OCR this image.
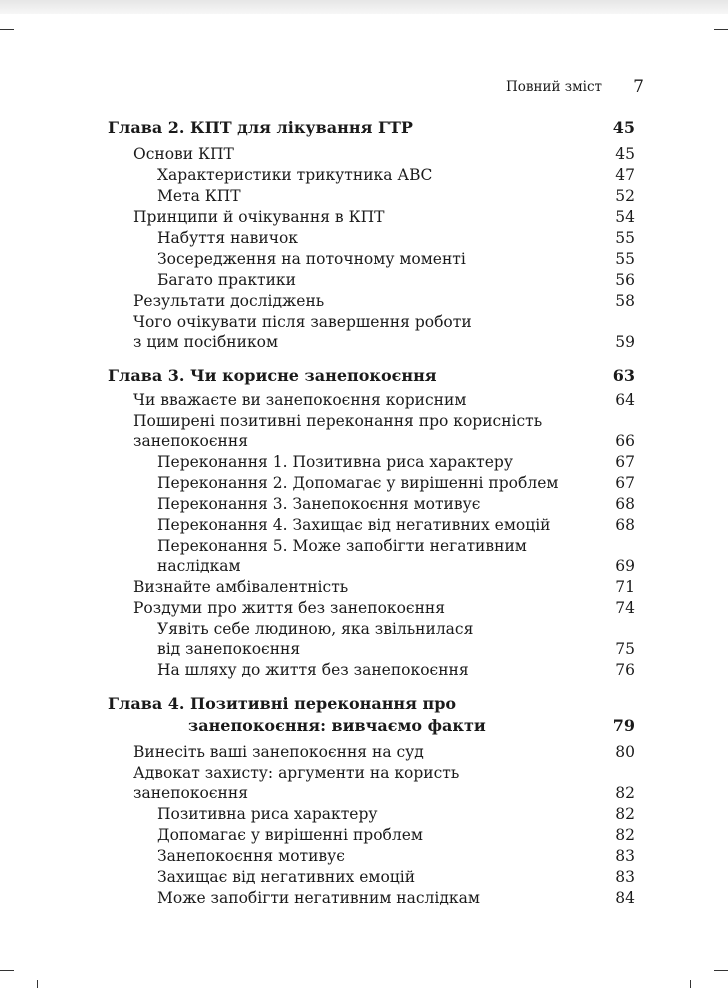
Повний зміст 7
Глава 2. КПТ для лікування ГТР	45
Основи КПТ	45
Характеристики трикутника АВС	47
Мета КПТ	52
Принципи й очікування в КПТ	54
Набуття навичок	55
Зосередження на поточному моменті	55
Багато практики	56
Результати досліджень	58
Чого очікувати після завершення роботи
з цим посібником	59
Глава 3. Чи корисне занепокоєння	63
Чи вважаєте ви занепокоєння корисним	64
Поширені позитивні переконання про корисність
занепокоєння	66
Переконання 1. Позитивна риса характеру	67
Переконання 2. Допомагає у вирішенні проблем	67
Переконання 3. Занепокоєння мотивує	68
Переконання 4. Захищає від негативних емоцій	68
Переконання 5. Може запобігти негативним
наслідкам	69
Визнайте амбівалентність	71
Роздуми про життя без занепокоєння	74
Уявіть себе людиною, яка звільнилася
від занепокоєння	75
На шляху до життя без занепокоєння	76
Глава 4. Позитивні переконання про
занепокоєння: вивчаємо факти	79
Винесіть ваші занепокоєння на суд	80
Адвокат захисту: аргументи на користь
занепокоєння	82
Позитивна риса характеру	82
Допомагає у вирішенні проблем	82
Занепокоєння мотивує	83
Захищає від негативних емоцій	83
Може запобігти негативним наслідкам	84
